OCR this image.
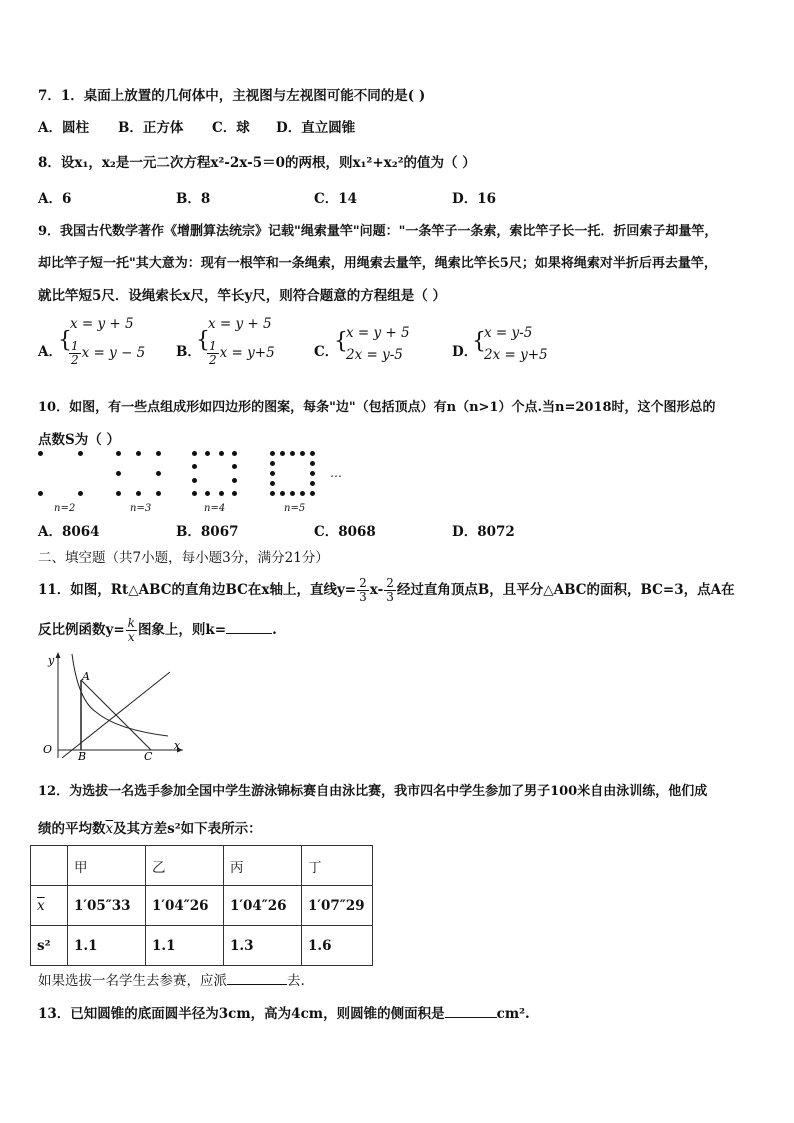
7．1．桌面上放置的几何体中，主视图与左视图可能不同的是( )
A．圆柱 B．正方体 C．球 D．直立圆锥
8．设x₁，x₂是一元二次方程x²-2x-5＝0的两根，则x₁²+x₂²的值为（ ）
A．6	B．8	C．14	D．16
9．我国古代数学著作《增删算法统宗》记载"绳索量竿"问题："一条竿子一条索，索比竿子长一托．折回索子却量竿，
却比竿子短一托"其大意为：现有一根竿和一条绳索，用绳索去量竿，绳索比竿长5尺；如果将绳索对半折后再去量竿，
就比竿短5尺．设绳索长x尺，竿长y尺，则符合题意的方程组是（ ）
A．
{
x = y + 5
$\frac{1}{2}$ x = y − 5 B．
{
x = y + 5
$\frac{1}{2}$ x = y+5	C．
{
x = y + 5
2x = y-5	D．
{
x = y-5
2x = y+5
10．如图，有一些点组成形如四边形的图案，每条"边"（包括顶点）有n（n>1）个点.当n=2018时，这个图形总的
点数S为（ ）
n=2	n=3	n=4	n=5
…
A．8064	B．8067	C．8068	D．8072
二、填空题（共7小题，每小题3分，满分21分）
11．如图，Rt△ABC的直角边BC在x轴上，直线$y= \frac{2}{3} x- \frac{2}{3}$ 经过直角顶点B，且平分△ABC的面积，BC=3，点A在
反比例函数$y= \frac{k}{x}$ 图象上，则k=	.
y
x
O
A
B	C
12．为选拔一名选手参加全国中学生游泳锦标赛自由泳比赛，我市四名中学生参加了男子100米自由泳训练，他们成
绩的平均数$\overline{x}$及其方差s²如下表所示：
	甲	乙	丙	丁
$\overline{x}$	1′05″33	1′04″26	1′04″26	1′07″29
s²	1.1	1.1	1.3	1.6
如果选拔一名学生去参赛，应派	去.
13．已知圆锥的底面圆半径为3cm，高为4cm，则圆锥的侧面积是	cm².
